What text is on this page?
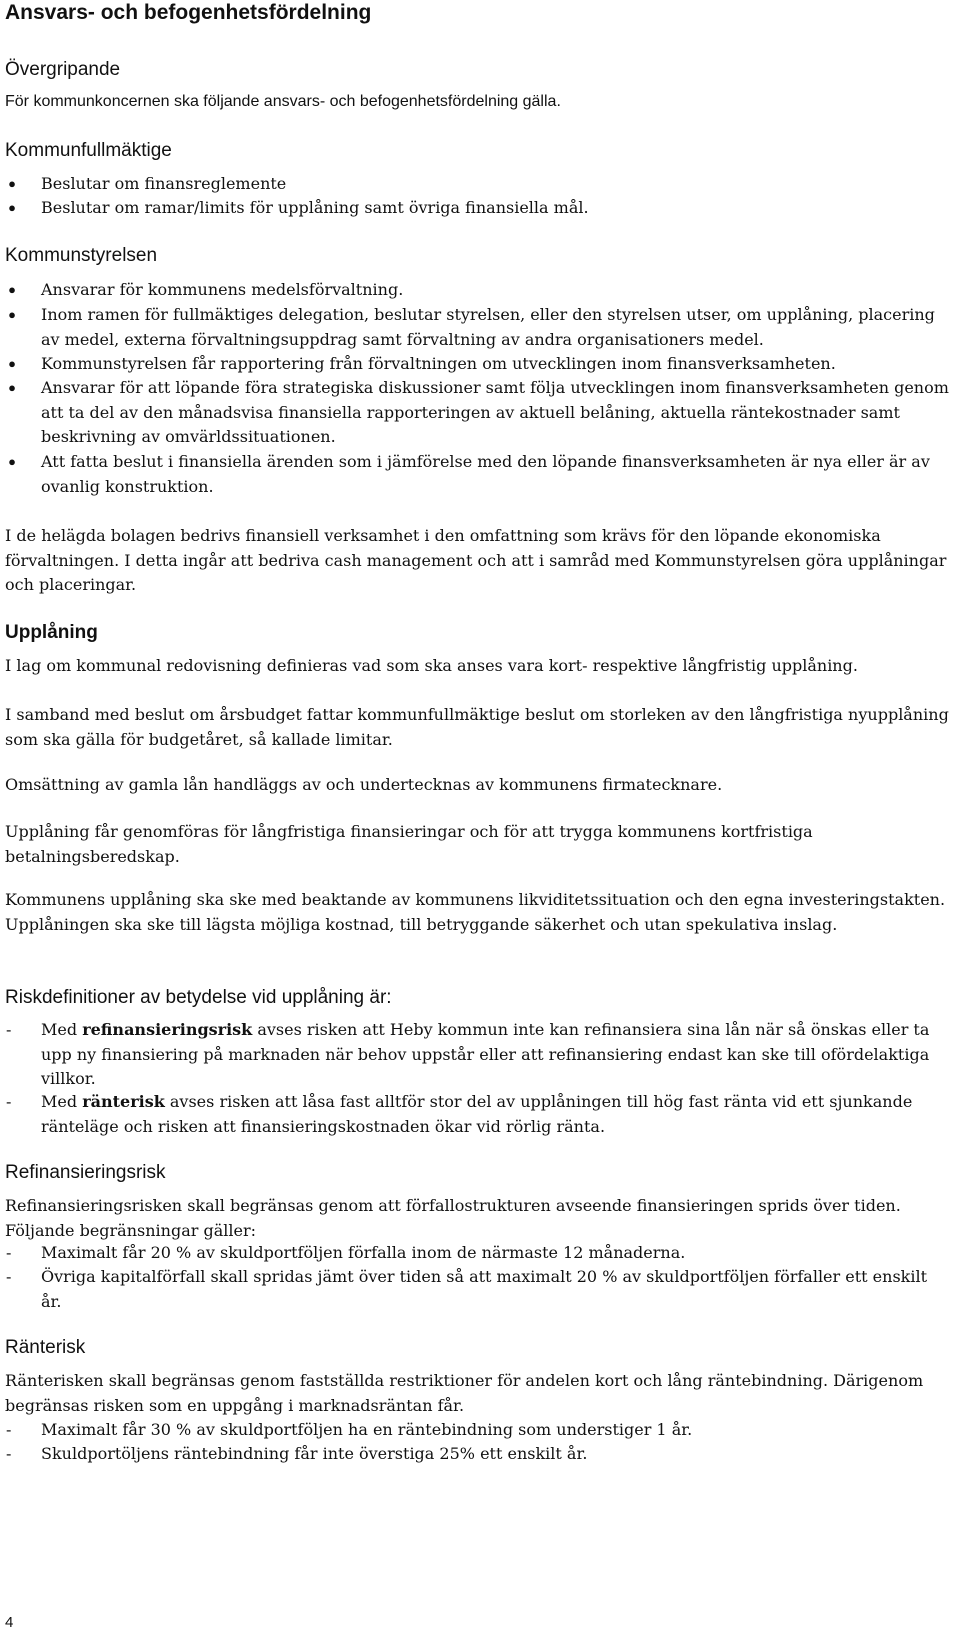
Ansvars- och befogenhetsfördelning
Övergripande
För kommunkoncernen ska följande ansvars- och befogenhetsfördelning gälla.
Kommunfullmäktige
Beslutar om finansreglemente
●
Beslutar om ramar/limits för upplåning samt övriga finansiella mål.
●
Kommunstyrelsen
Ansvarar för kommunens medelsförvaltning.
●
Inom ramen för fullmäktiges delegation, beslutar styrelsen, eller den styrelsen utser, om upplåning, placering av medel, externa förvaltningsuppdrag samt förvaltning av andra organisationers medel.
●
Kommunstyrelsen får rapportering från förvaltningen om utvecklingen inom finansverksamheten.
●
Ansvarar för att löpande föra strategiska diskussioner samt följa utvecklingen inom finansverksamheten genom att ta del av den månadsvisa finansiella rapporteringen av aktuell belåning, aktuella räntekostnader samt beskrivning av omvärldssituationen.
●
Att fatta beslut i finansiella ärenden som i jämförelse med den löpande finansverksamheten är nya eller är av ovanlig konstruktion.
●
I de helägda bolagen bedrivs finansiell verksamhet i den omfattning som krävs för den löpande ekonomiska förvaltningen. I detta ingår att bedriva cash management och att i samråd med Kommunstyrelsen göra upplåningar och placeringar.
Upplåning
I lag om kommunal redovisning definieras vad som ska anses vara kort- respektive långfristig upplåning.
I samband med beslut om årsbudget fattar kommunfullmäktige beslut om storleken av den långfristiga nyupplåning som ska gälla för budgetåret, så kallade limitar.
Omsättning av gamla lån handläggs av och undertecknas av kommunens firmatecknare.
Upplåning får genomföras för långfristiga finansieringar och för att trygga kommunens kortfristiga betalningsberedskap.
Kommunens upplåning ska ske med beaktande av kommunens likviditetssituation och den egna investeringstakten. Upplåningen ska ske till lägsta möjliga kostnad, till betryggande säkerhet och utan spekulativa inslag.
Riskdefinitioner av betydelse vid upplåning är:
- Med refinansieringsrisk avses risken att Heby kommun inte kan refinansiera sina lån när så önskas eller ta upp ny finansiering på marknaden när behov uppstår eller att refinansiering endast kan ske till ofördelaktiga villkor.
- Med ränterisk avses risken att låsa fast alltför stor del av upplåningen till hög fast ränta vid ett sjunkande ränteläge och risken att finansieringskostnaden ökar vid rörlig ränta.
Refinansieringsrisk
Refinansieringsrisken skall begränsas genom att förfallostrukturen avseende finansieringen sprids över tiden. Följande begränsningar gäller:
- Maximalt får 20 % av skuldportföljen förfalla inom de närmaste 12 månaderna.
- Övriga kapitalförfall skall spridas jämt över tiden så att maximalt 20 % av skuldportföljen förfaller ett enskilt år.
Ränterisk
Ränterisken skall begränsas genom fastställda restriktioner för andelen kort och lång räntebindning. Därigenom begränsas risken som en uppgång i marknadsräntan får.
- Maximalt får 30 % av skuldportföljen ha en räntebindning som understiger 1 år.
- Skuldportöljens räntebindning får inte överstiga 25% ett enskilt år.
4
